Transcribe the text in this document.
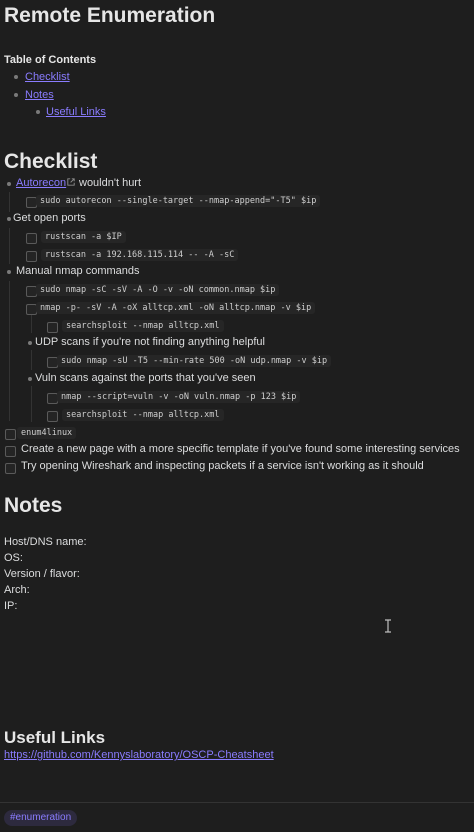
Remote Enumeration
Table of Contents
Checklist
Notes
Useful Links
Checklist
Autorecon wouldn't hurt
sudo autorecon --single-target --nmap-append="-T5" $ip
Get open ports
rustscan -a $IP
rustscan -a 192.168.115.114 -- -A -sC
Manual nmap commands
sudo nmap -sC -sV -A -O -v -oN common.nmap $ip
nmap -p- -sV -A -oX alltcp.xml -oN alltcp.nmap -v $ip
searchsploit --nmap alltcp.xml
UDP scans if you're not finding anything helpful
sudo nmap -sU -T5 --min-rate 500 -oN udp.nmap -v $ip
Vuln scans against the ports that you've seen
nmap --script=vuln -v -oN vuln.nmap -p 123 $ip
searchsploit --nmap alltcp.xml
enum4linux
Create a new page with a more specific template if you've found some interesting services
Try opening Wireshark and inspecting packets if a service isn't working as it should
Notes
Host/DNS name:
OS:
Version / flavor:
Arch:
IP:
Useful Links
https://github.com/Kennyslaboratory/OSCP-Cheatsheet
#enumeration
